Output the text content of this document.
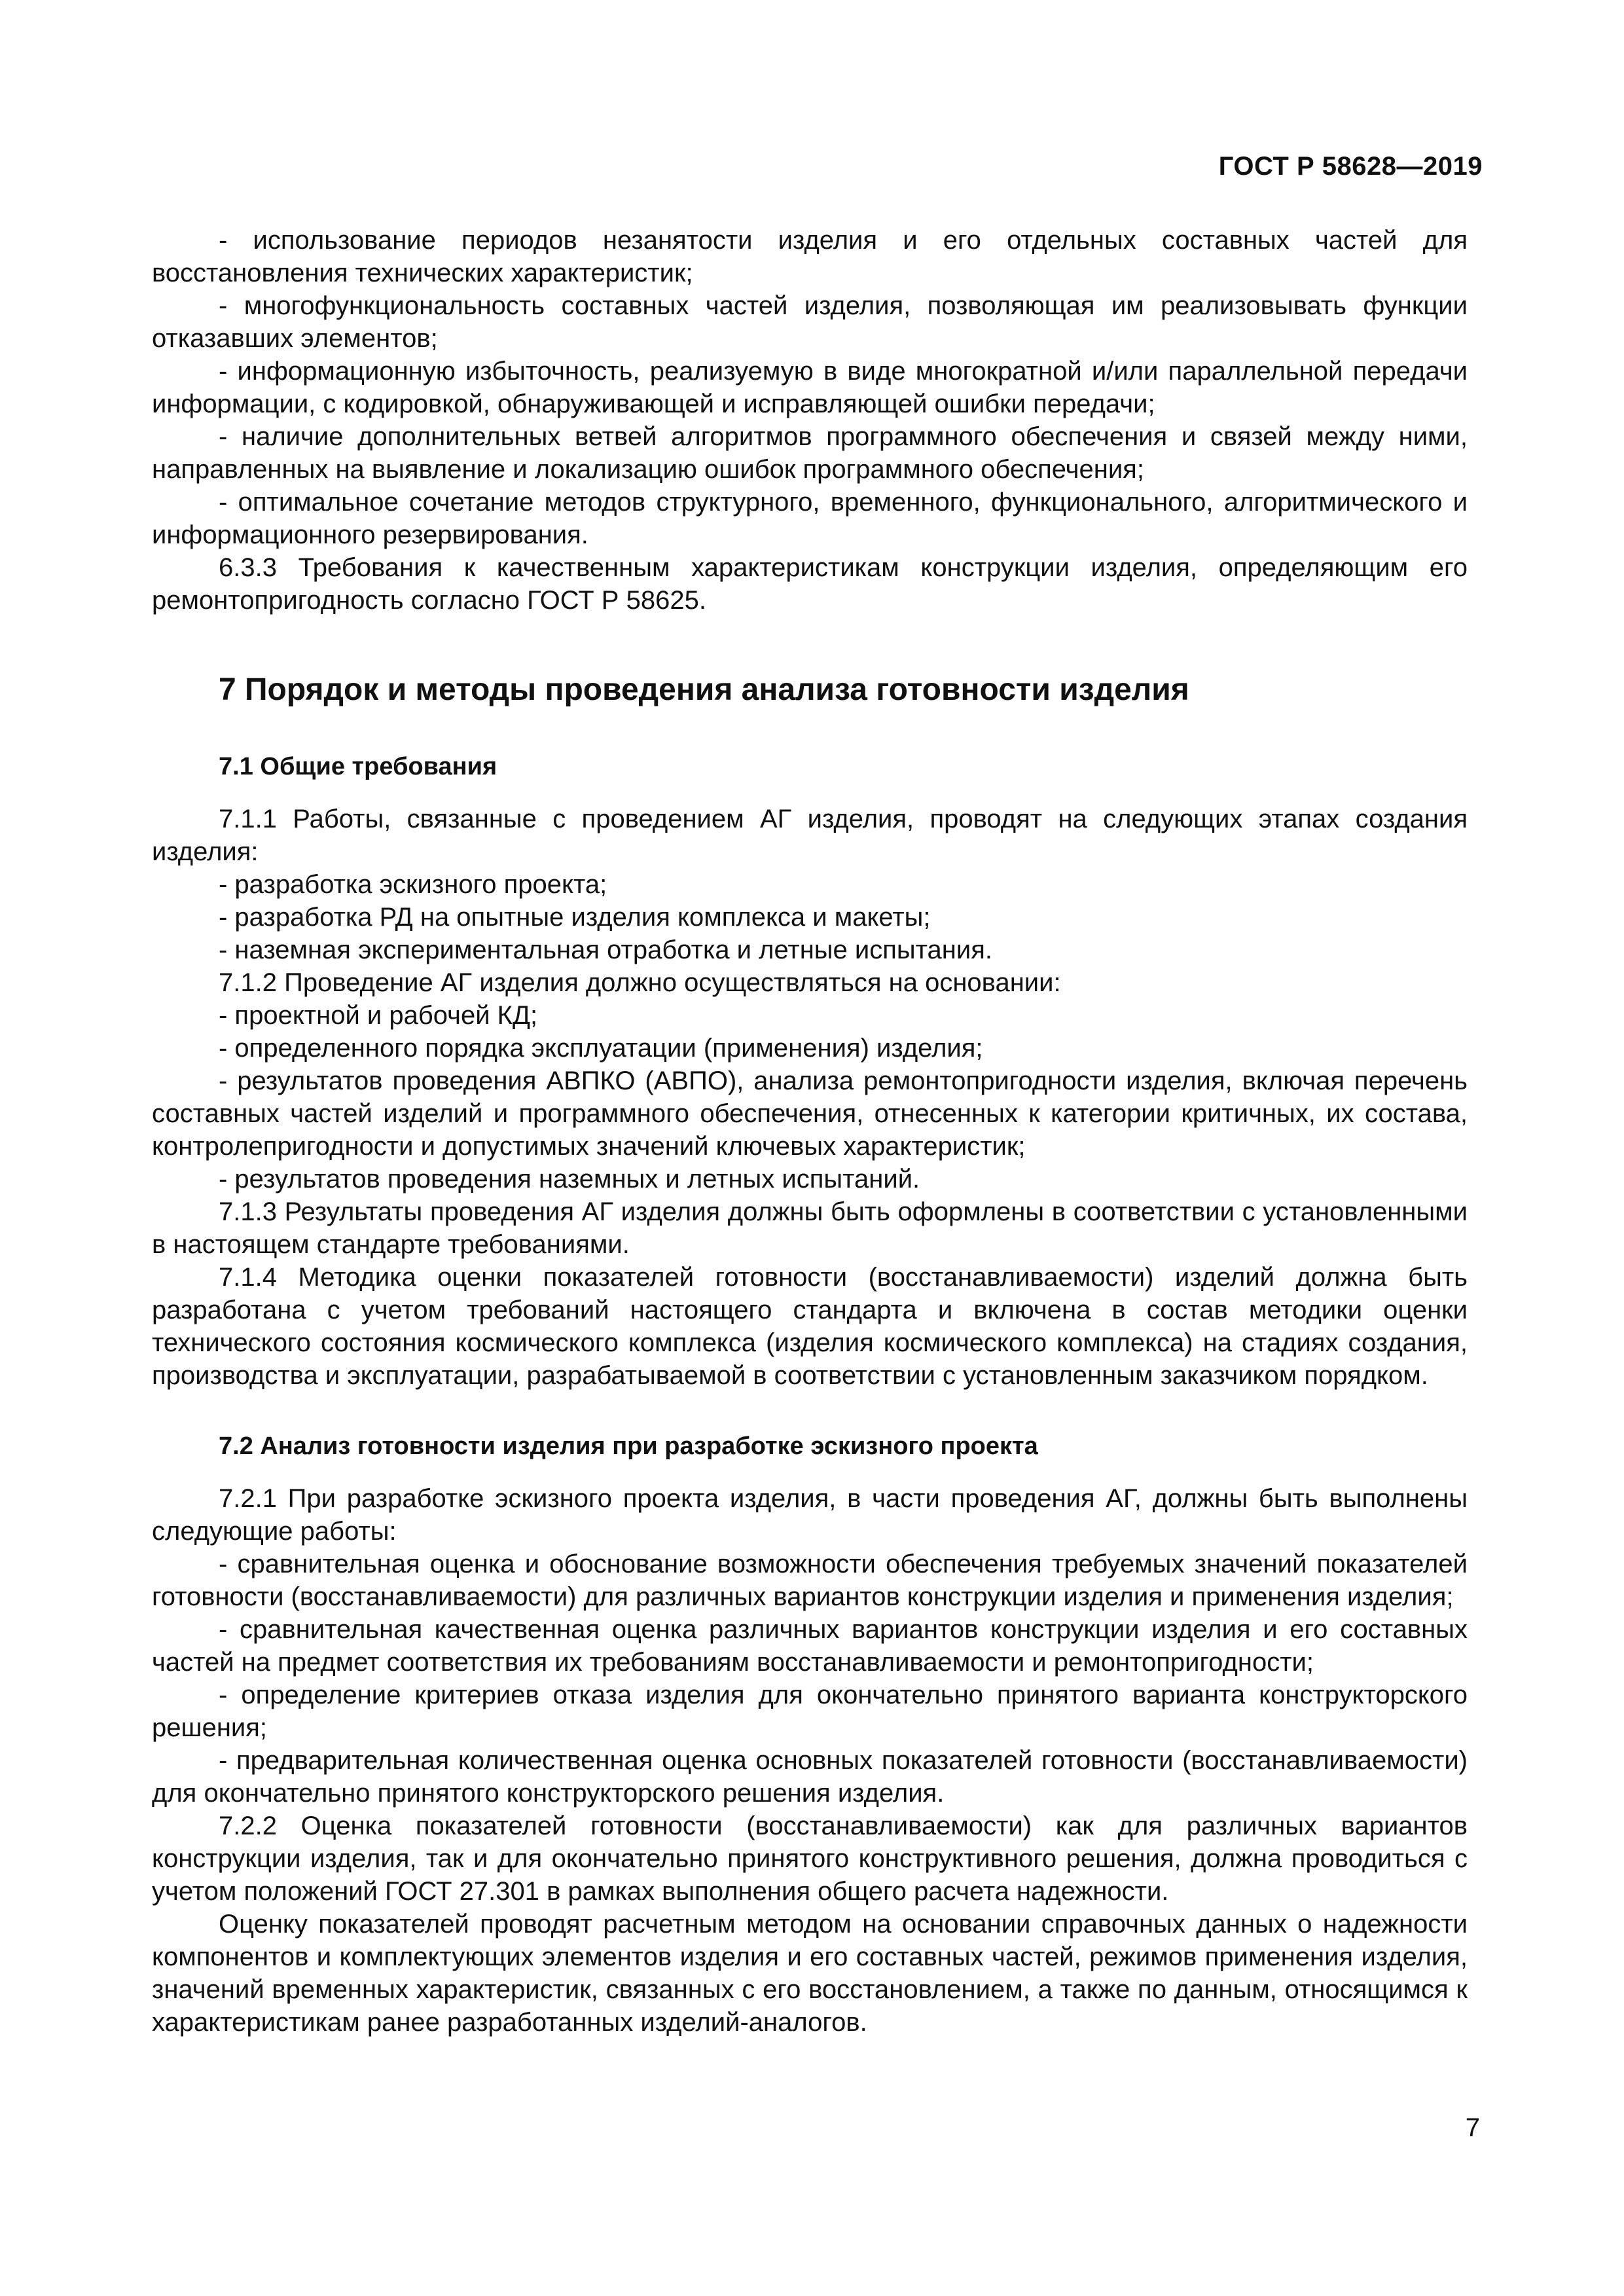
ГОСТ Р 58628—2019
- использование периодов незанятости изделия и его отдельных составных частей для восстановления технических характеристик;
- многофункциональность составных частей изделия, позволяющая им реализовывать функции отказавших элементов;
- информационную избыточность, реализуемую в виде многократной и/или параллельной передачи информации, с кодировкой, обнаруживающей и исправляющей ошибки передачи;
- наличие дополнительных ветвей алгоритмов программного обеспечения и связей между ними, направленных на выявление и локализацию ошибок программного обеспечения;
- оптимальное сочетание методов структурного, временного, функционального, алгоритмического и информационного резервирования.
6.3.3 Требования к качественным характеристикам конструкции изделия, определяющим его ремонтопригодность согласно ГОСТ Р 58625.
7 Порядок и методы проведения анализа готовности изделия
7.1 Общие требования
7.1.1 Работы, связанные с проведением АГ изделия, проводят на следующих этапах создания изделия:
- разработка эскизного проекта;
- разработка РД на опытные изделия комплекса и макеты;
- наземная экспериментальная отработка и летные испытания.
7.1.2 Проведение АГ изделия должно осуществляться на основании:
- проектной и рабочей КД;
- определенного порядка эксплуатации (применения) изделия;
- результатов проведения АВПКО (АВПО), анализа ремонтопригодности изделия, включая перечень составных частей изделий и программного обеспечения, отнесенных к категории критичных, их состава, контролепригодности и допустимых значений ключевых характеристик;
- результатов проведения наземных и летных испытаний.
7.1.3 Результаты проведения АГ изделия должны быть оформлены в соответствии с установленными в настоящем стандарте требованиями.
7.1.4 Методика оценки показателей готовности (восстанавливаемости) изделий должна быть разработана с учетом требований настоящего стандарта и включена в состав методики оценки технического состояния космического комплекса (изделия космического комплекса) на стадиях создания, производства и эксплуатации, разрабатываемой в соответствии с установленным заказчиком порядком.
7.2 Анализ готовности изделия при разработке эскизного проекта
7.2.1 При разработке эскизного проекта изделия, в части проведения АГ, должны быть выполнены следующие работы:
- сравнительная оценка и обоснование возможности обеспечения требуемых значений показателей готовности (восстанавливаемости) для различных вариантов конструкции изделия и применения изделия;
- сравнительная качественная оценка различных вариантов конструкции изделия и его составных частей на предмет соответствия их требованиям восстанавливаемости и ремонтопригодности;
- определение критериев отказа изделия для окончательно принятого варианта конструкторского решения;
- предварительная количественная оценка основных показателей готовности (восстанавливаемости) для окончательно принятого конструкторского решения изделия.
7.2.2 Оценка показателей готовности (восстанавливаемости) как для различных вариантов конструкции изделия, так и для окончательно принятого конструктивного решения, должна проводиться с учетом положений ГОСТ 27.301 в рамках выполнения общего расчета надежности.
Оценку показателей проводят расчетным методом на основании справочных данных о надежности компонентов и комплектующих элементов изделия и его составных частей, режимов применения изделия, значений временных характеристик, связанных с его восстановлением, а также по данным, относящимся к характеристикам ранее разработанных изделий-аналогов.
7
